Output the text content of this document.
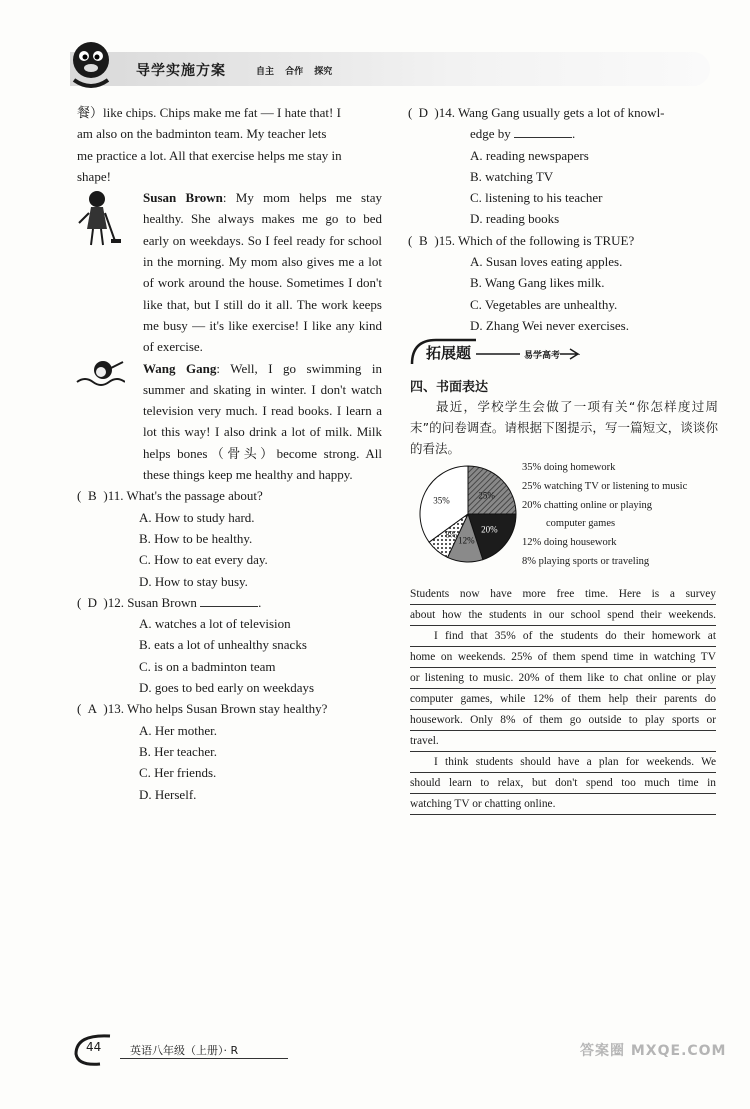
导学实施方案	自主 合作 探究
餐）like chips. Chips make me fat — I hate that! I
am also on the badminton team. My teacher lets
me practice a lot. All that exercise helps me stay in
shape!
Susan Brown: My mom helps me stay healthy. She always makes me go to bed early on weekdays. So I feel ready for school in the morning. My mom also gives me a lot of work around the house. Sometimes I don't like that, but I still do it all. The work keeps me busy — it's like exercise! I like any kind of exercise.
Wang Gang: Well, I go swimming in summer and skating in winter. I don't watch television very much. I read books. I learn a lot this way! I also drink a lot of milk. Milk helps bones（骨头）become strong. All these things keep me healthy and happy.
( B )11. What's the passage about?
A. How to study hard.
B. How to be healthy.
C. How to eat every day.
D. How to stay busy.
( D )12. Susan Brown	.
A. watches a lot of television
B. eats a lot of unhealthy snacks
C. is on a badminton team
D. goes to bed early on weekdays
( A )13. Who helps Susan Brown stay healthy?
A. Her mother.
B. Her teacher.
C. Her friends.
D. Herself.
( D )14. Wang Gang usually gets a lot of knowl-
edge by	.
A. reading newspapers
B. watching TV
C. listening to his teacher
D. reading books
( B )15. Which of the following is TRUE?
A. Susan loves eating apples.
B. Wang Gang likes milk.
C. Vegetables are unhealthy.
D. Zhang Wei never exercises.
拓展题	易学高考
四、书面表达
最近，学校学生会做了一项有关“你怎样度过周末”的问卷调查。请根据下图提示，写一篇短文，谈谈你的看法。
35%
25%
20%
12%
8%
35% doing homework
25% watching TV or listening to music
20% chatting online or playing
computer games
12% doing housework
8% playing sports or traveling
Students now have more free time. Here is a survey
about how the students in our school spend their weekends.
I find that 35% of the students do their homework at
home on weekends. 25% of them spend time in watching TV
or listening to music. 20% of them like to chat online or play
computer games, while 12% of them help their parents do
housework. Only 8% of them go outside to play sports or
travel.
I think students should have a plan for weekends. We
should learn to relax, but don't spend too much time in
watching TV or chatting online.
44	英语八年级（上册）· R	答案圈 MXQE.COM
